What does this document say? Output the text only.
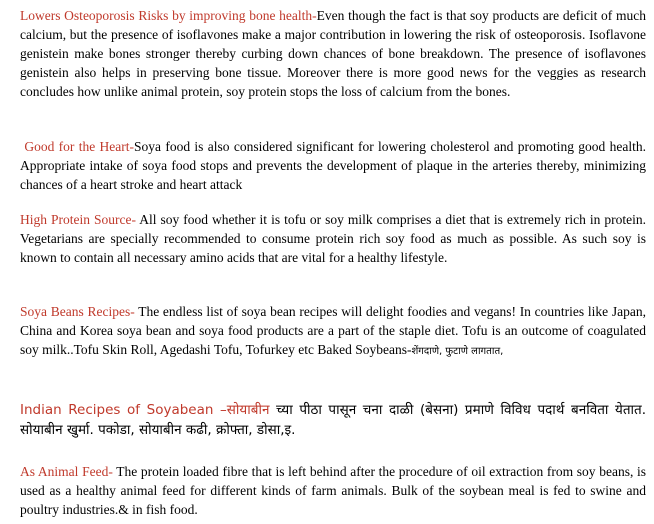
Lowers Osteoporosis Risks by improving bone health-Even though the fact is that soy products are deficit of much calcium, but the presence of isoflavones make a major contribution in lowering the risk of osteoporosis. Isoflavone genistein make bones stronger thereby curbing down chances of bone breakdown. The presence of isoflavones genistein also helps in preserving bone tissue. Moreover there is more good news for the veggies as research concludes how unlike animal protein, soy protein stops the loss of calcium from the bones.

Good for the Heart-Soya food is also considered significant for lowering cholesterol and promoting good health. Appropriate intake of soya food stops and prevents the development of plaque in the arteries thereby, minimizing chances of a heart stroke and heart attack

High Protein Source- All soy food whether it is tofu or soy milk comprises a diet that is extremely rich in protein. Vegetarians are specially recommended to consume protein rich soy food as much as possible. As such soy is known to contain all necessary amino acids that are vital for a healthy lifestyle.

Soya Beans Recipes- The endless list of soya bean recipes will delight foodies and vegans! In countries like Japan, China and Korea soya bean and soya food products are a part of the staple diet. Tofu is an outcome of coagulated soy milk..Tofu Skin Roll, Agedashi Tofu, Tofurkey etc Baked Soybeans-शेंगदाणे, फुटाणे लागतात,

Indian Recipes of Soyabean –सोयाबीन च्या पीठा पासून चना दाळी (बेसना) प्रमाणे विविध पदार्थ बनविता येतात. सोयाबीन खुर्मा. पकोडा, सोयाबीन कढी, क्रोफ्ता, डोसा,इ.

As Animal Feed- The protein loaded fibre that is left behind after the procedure of oil extraction from soy beans, is used as a healthy animal feed for different kinds of farm animals. Bulk of the soybean meal is fed to swine and poultry industries.& in fish food.
